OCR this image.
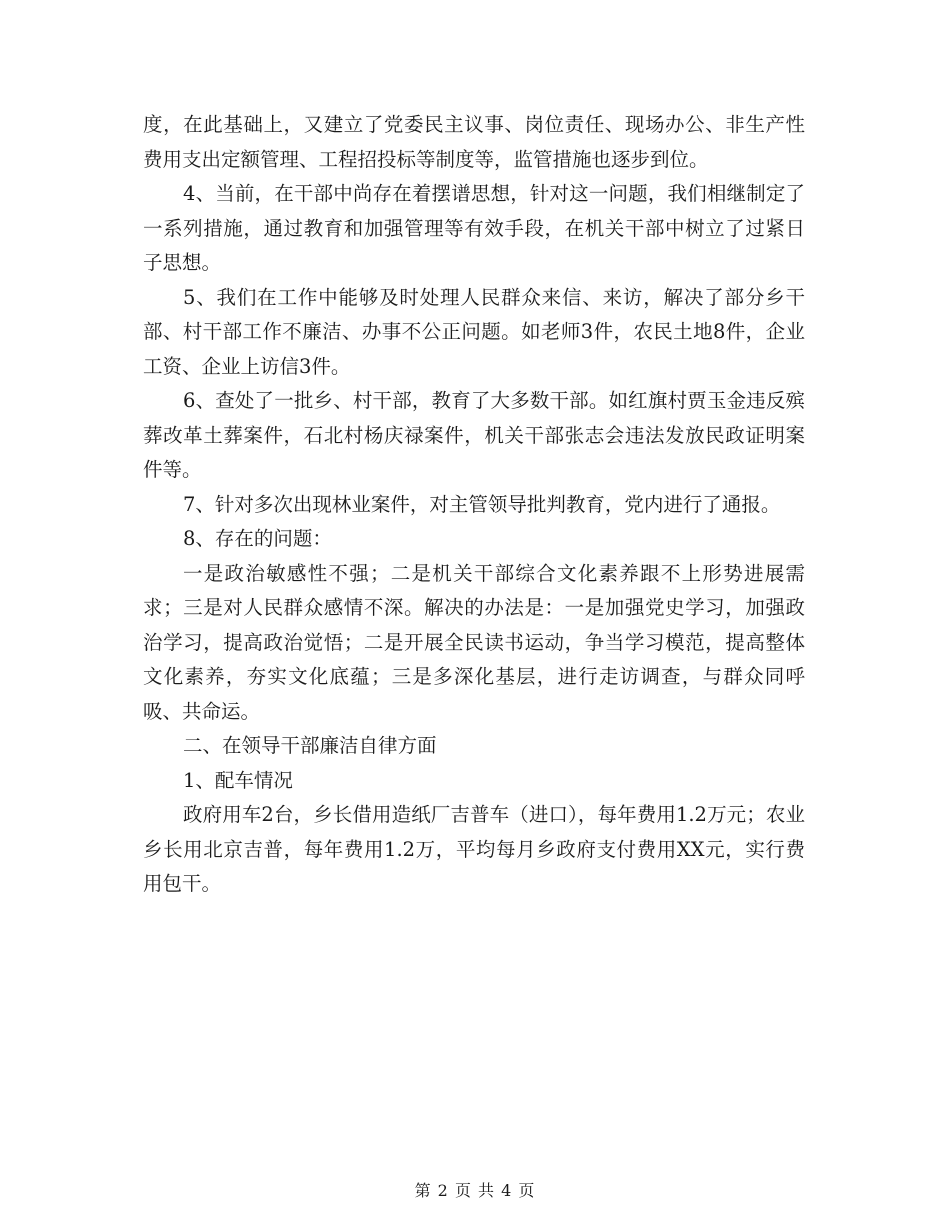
度，在此基础上，又建立了党委民主议事、岗位责任、现场办公、非生产性费用支出定额管理、工程招投标等制度等，监管措施也逐步到位。

4、当前，在干部中尚存在着摆谱思想，针对这一问题，我们相继制定了一系列措施，通过教育和加强管理等有效手段，在机关干部中树立了过紧日子思想。

5、我们在工作中能够及时处理人民群众来信、来访，解决了部分乡干部、村干部工作不廉洁、办事不公正问题。如老师3件，农民土地8件，企业工资、企业上访信3件。

6、查处了一批乡、村干部，教育了大多数干部。如红旗村贾玉金违反殡葬改革土葬案件，石北村杨庆禄案件，机关干部张志会违法发放民政证明案件等。

7、针对多次出现林业案件，对主管领导批判教育，党内进行了通报。

8、存在的问题：

一是政治敏感性不强；二是机关干部综合文化素养跟不上形势进展需求；三是对人民群众感情不深。解决的办法是：一是加强党史学习，加强政治学习，提高政治觉悟；二是开展全民读书运动，争当学习模范，提高整体文化素养，夯实文化底蕴；三是多深化基层，进行走访调查，与群众同呼吸、共命运。

二、在领导干部廉洁自律方面

1、配车情况

政府用车2台，乡长借用造纸厂吉普车（进口），每年费用1.2万元；农业乡长用北京吉普，每年费用1.2万，平均每月乡政府支付费用XX元，实行费用包干。

第 2 页 共 4 页
